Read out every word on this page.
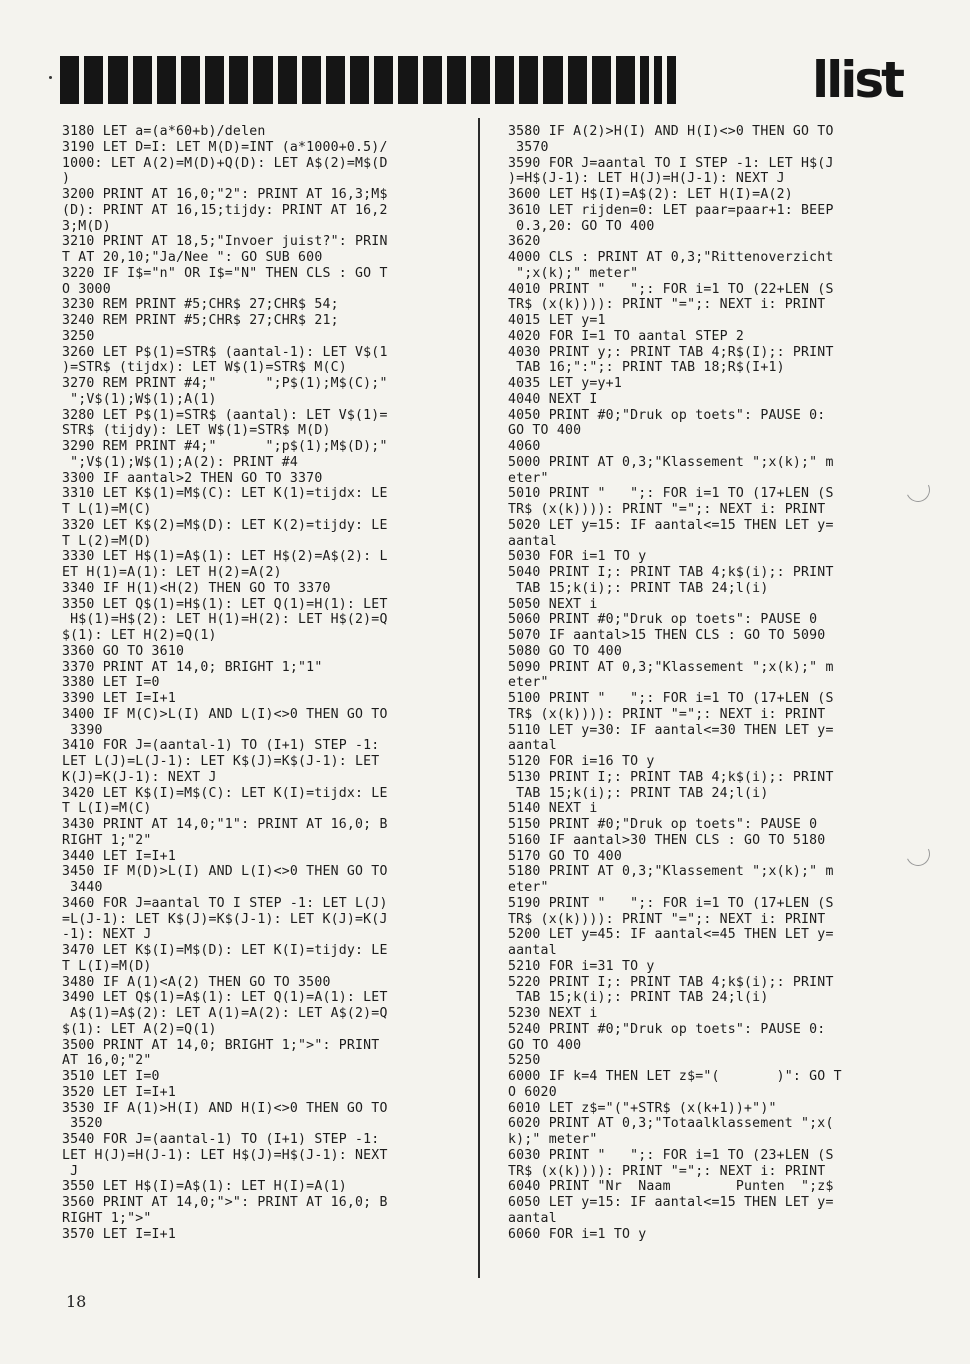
llist
3180 LET a=(a*60+b)/delen
3190 LET D=I: LET M(D)=INT (a*1000+0.5)/
1000: LET A(2)=M(D)+Q(D): LET A$(2)=M$(D
)
3200 PRINT AT 16,0;"2": PRINT AT 16,3;M$
(D): PRINT AT 16,15;tijdy: PRINT AT 16,2
3;M(D)
3210 PRINT AT 18,5;"Invoer juist?": PRIN
T AT 20,10;"Ja/Nee ": GO SUB 600
3220 IF I$="n" OR I$="N" THEN CLS : GO T
O 3000
3230 REM PRINT #5;CHR$ 27;CHR$ 54;
3240 REM PRINT #5;CHR$ 27;CHR$ 21;
3250
3260 LET P$(1)=STR$ (aantal-1): LET V$(1
)=STR$ (tijdx): LET W$(1)=STR$ M(C)
3270 REM PRINT #4;"      ";P$(1);M$(C);"
";V$(1);W$(1);A(1)
3280 LET P$(1)=STR$ (aantal): LET V$(1)=
STR$ (tijdy): LET W$(1)=STR$ M(D)
3290 REM PRINT #4;"      ";p$(1);M$(D);"
";V$(1);W$(1);A(2): PRINT #4
3300 IF aantal>2 THEN GO TO 3370
3310 LET K$(1)=M$(C): LET K(1)=tijdx: LE
T L(1)=M(C)
3320 LET K$(2)=M$(D): LET K(2)=tijdy: LE
T L(2)=M(D)
3330 LET H$(1)=A$(1): LET H$(2)=A$(2): L
ET H(1)=A(1): LET H(2)=A(2)
3340 IF H(1)<H(2) THEN GO TO 3370
3350 LET Q$(1)=H$(1): LET Q(1)=H(1): LET
H$(1)=H$(2): LET H(1)=H(2): LET H$(2)=Q
$(1): LET H(2)=Q(1)
3360 GO TO 3610
3370 PRINT AT 14,0; BRIGHT 1;"1"
3380 LET I=0
3390 LET I=I+1
3400 IF M(C)>L(I) AND L(I)<>0 THEN GO TO
3390
3410 FOR J=(aantal-1) TO (I+1) STEP -1:
LET L(J)=L(J-1): LET K$(J)=K$(J-1): LET
K(J)=K(J-1): NEXT J
3420 LET K$(I)=M$(C): LET K(I)=tijdx: LE
T L(I)=M(C)
3430 PRINT AT 14,0;"1": PRINT AT 16,0; B
RIGHT 1;"2"
3440 LET I=I+1
3450 IF M(D)>L(I) AND L(I)<>0 THEN GO TO
3440
3460 FOR J=aantal TO I STEP -1: LET L(J)
=L(J-1): LET K$(J)=K$(J-1): LET K(J)=K(J
-1): NEXT J
3470 LET K$(I)=M$(D): LET K(I)=tijdy: LE
T L(I)=M(D)
3480 IF A(1)<A(2) THEN GO TO 3500
3490 LET Q$(1)=A$(1): LET Q(1)=A(1): LET
A$(1)=A$(2): LET A(1)=A(2): LET A$(2)=Q
$(1): LET A(2)=Q(1)
3500 PRINT AT 14,0; BRIGHT 1;">": PRINT
AT 16,0;"2"
3510 LET I=0
3520 LET I=I+1
3530 IF A(1)>H(I) AND H(I)<>0 THEN GO TO
3520
3540 FOR J=(aantal-1) TO (I+1) STEP -1:
LET H(J)=H(J-1): LET H$(J)=H$(J-1): NEXT
J
3550 LET H$(I)=A$(1): LET H(I)=A(1)
3560 PRINT AT 14,0;">": PRINT AT 16,0; B
RIGHT 1;">"
3570 LET I=I+1
3580 IF A(2)>H(I) AND H(I)<>0 THEN GO TO
3570
3590 FOR J=aantal TO I STEP -1: LET H$(J
)=H$(J-1): LET H(J)=H(J-1): NEXT J
3600 LET H$(I)=A$(2): LET H(I)=A(2)
3610 LET rijden=0: LET paar=paar+1: BEEP
0.3,20: GO TO 400
3620
4000 CLS : PRINT AT 0,3;"Rittenoverzicht
";x(k);" meter"
4010 PRINT "   ";: FOR i=1 TO (22+LEN (S
TR$ (x(k)))): PRINT "=";: NEXT i: PRINT
4015 LET y=1
4020 FOR I=1 TO aantal STEP 2
4030 PRINT y;: PRINT TAB 4;R$(I);: PRINT
TAB 16;":";: PRINT TAB 18;R$(I+1)
4035 LET y=y+1
4040 NEXT I
4050 PRINT #0;"Druk op toets": PAUSE 0:
GO TO 400
4060
5000 PRINT AT 0,3;"Klassement ";x(k);" m
eter"
5010 PRINT "   ";: FOR i=1 TO (17+LEN (S
TR$ (x(k)))): PRINT "=";: NEXT i: PRINT
5020 LET y=15: IF aantal<=15 THEN LET y=
aantal
5030 FOR i=1 TO y
5040 PRINT I;: PRINT TAB 4;k$(i);: PRINT
TAB 15;k(i);: PRINT TAB 24;l(i)
5050 NEXT i
5060 PRINT #0;"Druk op toets": PAUSE 0
5070 IF aantal>15 THEN CLS : GO TO 5090
5080 GO TO 400
5090 PRINT AT 0,3;"Klassement ";x(k);" m
eter"
5100 PRINT "   ";: FOR i=1 TO (17+LEN (S
TR$ (x(k)))): PRINT "=";: NEXT i: PRINT
5110 LET y=30: IF aantal<=30 THEN LET y=
aantal
5120 FOR i=16 TO y
5130 PRINT I;: PRINT TAB 4;k$(i);: PRINT
TAB 15;k(i);: PRINT TAB 24;l(i)
5140 NEXT i
5150 PRINT #0;"Druk op toets": PAUSE 0
5160 IF aantal>30 THEN CLS : GO TO 5180
5170 GO TO 400
5180 PRINT AT 0,3;"Klassement ";x(k);" m
eter"
5190 PRINT "   ";: FOR i=1 TO (17+LEN (S
TR$ (x(k)))): PRINT "=";: NEXT i: PRINT
5200 LET y=45: IF aantal<=45 THEN LET y=
aantal
5210 FOR i=31 TO y
5220 PRINT I;: PRINT TAB 4;k$(i);: PRINT
TAB 15;k(i);: PRINT TAB 24;l(i)
5230 NEXT i
5240 PRINT #0;"Druk op toets": PAUSE 0:
GO TO 400
5250
6000 IF k=4 THEN LET z$="(       )": GO T
O 6020
6010 LET z$="("+STR$ (x(k+1))+")"
6020 PRINT AT 0,3;"Totaalklassement ";x(
k);" meter"
6030 PRINT "   ";: FOR i=1 TO (23+LEN (S
TR$ (x(k)))): PRINT "=";: NEXT i: PRINT
6040 PRINT "Nr  Naam        Punten  ";z$
6050 LET y=15: IF aantal<=15 THEN LET y=
aantal
6060 FOR i=1 TO y
18
